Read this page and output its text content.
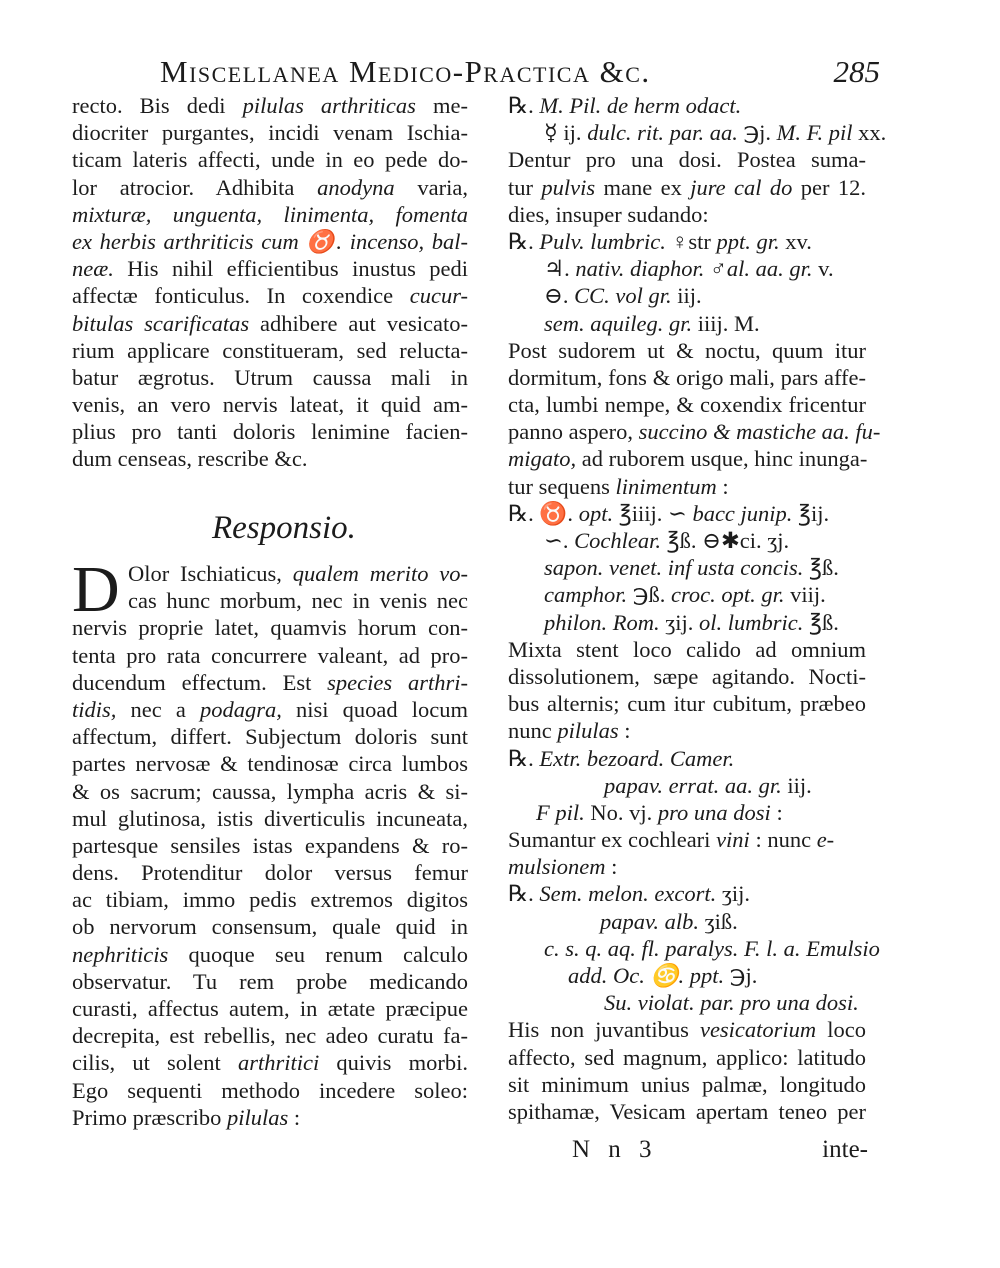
Miscellanea Medico-Practica &c.	285
recto. Bis dedi pilulas arthriticas me-
diocriter purgantes, incidi venam Ischia-
ticam lateris affecti, unde in eo pede do-
lor atrocior. Adhibita anodyna varia,
mixturæ, unguenta, linimenta, fomenta
ex herbis arthriticis cum ♉. incenso, bal-
neæ. His nihil efficientibus inustus pedi
affectæ fonticulus. In coxendice cucur-
bitulas scarificatas adhibere aut vesicato-
rium applicare constitueram, sed relucta-
batur ægrotus. Utrum caussa mali in
venis, an vero nervis lateat, it quid am-
plius pro tanti doloris lenimine facien-
dum censeas, rescribe &c.
Responsio.
D Olor Ischiaticus, qualem merito vo-
cas hunc morbum, nec in venis nec
nervis proprie latet, quamvis horum con-
tenta pro rata concurrere valeant, ad pro-
ducendum effectum. Est species arthri-
tidis, nec a podagra, nisi quoad locum
affectum, differt. Subjectum doloris sunt
partes nervosæ & tendinosæ circa lumbos
& os sacrum; caussa, lympha acris & si-
mul glutinosa, istis diverticulis incuneata,
partesque sensiles istas expandens & ro-
dens. Protenditur dolor versus femur
ac tibiam, immo pedis extremos digitos
ob nervorum consensum, quale quid in
nephriticis quoque seu renum calculo
observatur. Tu rem probe medicando
curasti, affectus autem, in ætate præcipue
decrepita, est rebellis, nec adeo curatu fa-
cilis, ut solent arthritici quivis morbi.
Ego sequenti methodo incedere soleo:
Primo præscribo pilulas :
℞. M. Pil. de herm odact.
☿ ij. dulc. rit. par. aa. ℈j. M. F. pil xx.
Dentur pro una dosi. Postea suma-
tur pulvis mane ex jure cal do per 12.
dies, insuper sudando:
℞. Pulv. lumbric. ♀str ppt. gr. xv.
♃. nativ. diaphor. ♂al. aa. gr. v.
⊖. CC. vol gr. iij.
sem. aquileg. gr. iiij. M.
Post sudorem ut & noctu, quum itur
dormitum, fons & origo mali, pars affe-
cta, lumbi nempe, & coxendix fricentur
panno aspero, succino & mastiche aa. fu-
migato, ad ruborem usque, hinc inunga-
tur sequens linimentum :
℞. ♉. opt. ℥iiij. ∽ bacc junip. ℥ij.
∽. Cochlear. ℥ß. ⊖✱ci. ʒj.
sapon. venet. inf usta concis. ℥ß.
camphor. ℈ß. croc. opt. gr. viij.
philon. Rom. ʒij. ol. lumbric. ℥ß.
Mixta stent loco calido ad omnium
dissolutionem, sæpe agitando. Nocti-
bus alternis; cum itur cubitum, præbeo
nunc pilulas :
℞. Extr. bezoard. Camer.
papav. errat. aa. gr. iij.
F pil. No. vj. pro una dosi :
Sumantur ex cochleari vini : nunc e-
mulsionem :
℞. Sem. melon. excort. ʒij.
papav. alb. ʒiß.
c. s. q. aq. fl. paralys. F. l. a. Emulsio
add. Oc. ♋. ppt. ℈j.
Su. violat. par. pro una dosi.
His non juvantibus vesicatorium loco
affecto, sed magnum, applico: latitudo
sit minimum unius palmæ, longitudo
spithamæ, Vesicam apertam teneo per
N n 3	inte-
